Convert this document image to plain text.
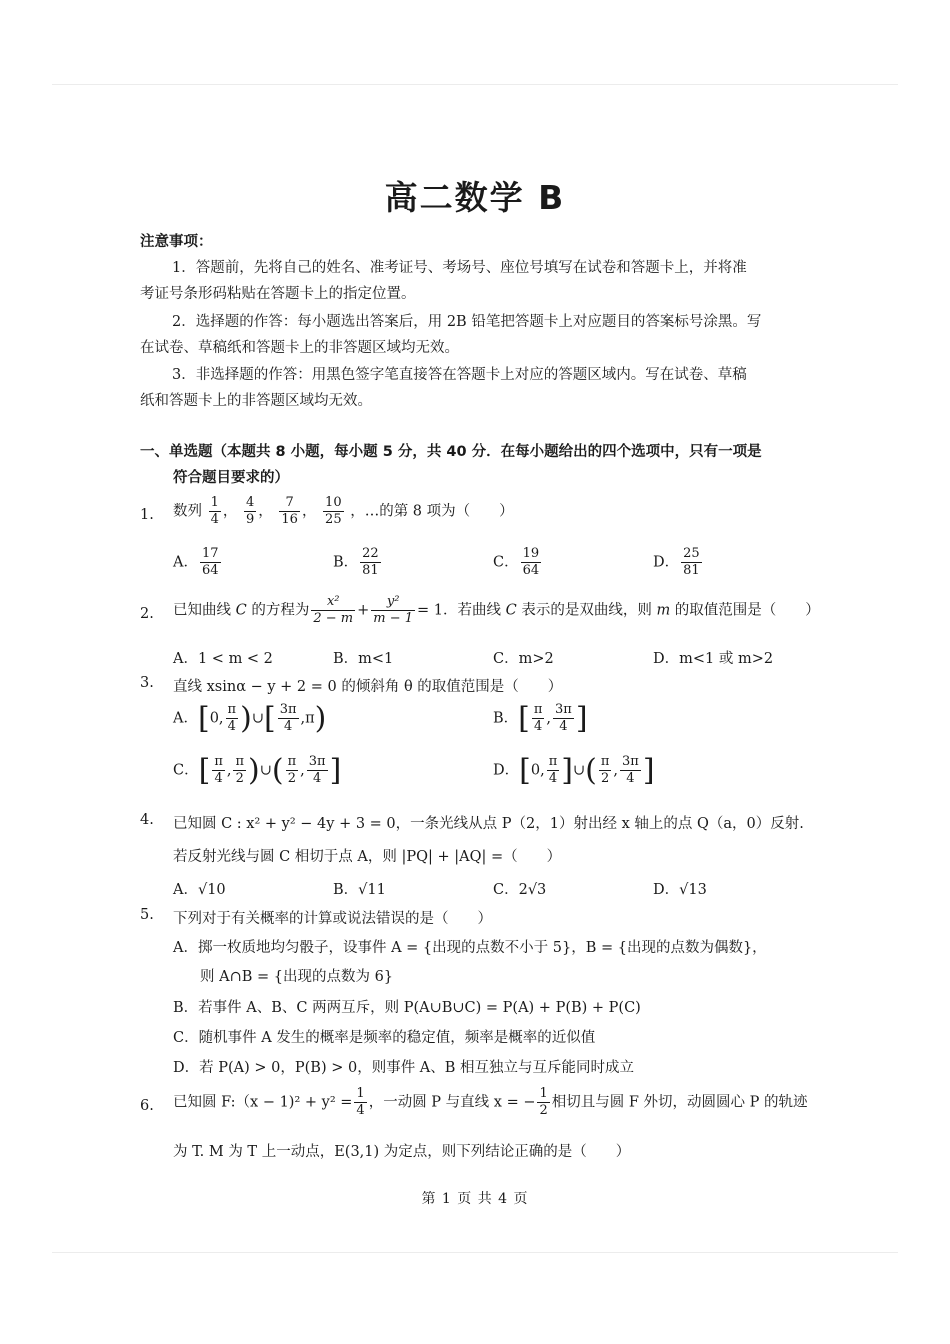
高二数学 B
注意事项：
1．答题前，先将自己的姓名、准考证号、考场号、座位号填写在试卷和答题卡上，并将准
考证号条形码粘贴在答题卡上的指定位置。
2．选择题的作答：每小题选出答案后，用 2B 铅笔把答题卡上对应题目的答案标号涂黑。写
在试卷、草稿纸和答题卡上的非答题区域均无效。
3．非选择题的作答：用黑色签字笔直接答在答题卡上对应的答题区域内。写在试卷、草稿
纸和答题卡上的非答题区域均无效。
一、单选题（本题共 8 小题，每小题 5 分，共 40 分．在每小题给出的四个选项中，只有一项是
符合题目要求的）
1. 数列 $\frac{1}{4}$ ， $\frac{4}{9}$ ， $\frac{7}{16}$ ， $\frac{10}{25}$ ，…的第 8 项为（　　）
A． $\frac{17}{64}$	B． $\frac{22}{81}$	C． $\frac{19}{64}$	D． $\frac{25}{81}$
2. 已知曲线 C 的方程为 $\frac{\text{x²}}{2 - m} + \frac{\text{y²}}{m - 1} = 1$．若曲线 C 表示的是双曲线，则 m 的取值范围是（　　）
A．1 < m < 2	B．m<1	C．m>2	D．m<1 或 m>2
3. 直线 xsinα − y + 2 = 0 的倾斜角 θ 的取值范围是（　　）
A．[0, $\frac{\pi}{4}$ )∪[ $\frac{3\pi}{4} ,\pi$)	B．[ $\frac{\pi}{4}$ , $\frac{3\pi}{4}$ ]
C．[ $\frac{\pi}{4}$ , $\frac{\pi}{2}$ )∪( $\frac{\pi}{2}$ , $\frac{3\pi}{4}$ ]	D．[0, $\frac{\pi}{4}$ ]∪( $\frac{\pi}{2}$ , $\frac{3\pi}{4}$ ]
4. 已知圆 C : x² + y² − 4y + 3 = 0，一条光线从点 P（2，1）射出经 x 轴上的点 Q（a，0）反射.
若反射光线与圆 C 相切于点 A，则 |PQ| + |AQ| =（　　）
A．√10	B．√11	C．2√3	D．√13
5. 下列对于有关概率的计算或说法错误的是（　　）
A．掷一枚质地均匀骰子，设事件 A = {出现的点数不小于 5}，B = {出现的点数为偶数}，
则 A∩B = {出现的点数为 6}
B．若事件 A、B、C 两两互斥，则 P(A∪B∪C) = P(A) + P(B) + P(C)
C．随机事件 A 发生的概率是频率的稳定值，频率是概率的近似值
D．若 P(A) > 0，P(B) > 0，则事件 A、B 相互独立与互斥能同时成立
6. 已知圆 F:（x − $1)^2 + y^2 = \frac{1}{4}$ ，一动圆 P 与直线 x = − $\frac{1}{2}$ 相切且与圆 F 外切，动圆圆心 P 的轨迹
为 T. M 为 T 上一动点，E(3,1) 为定点，则下列结论正确的是（　　）
第 1 页 共 4 页
